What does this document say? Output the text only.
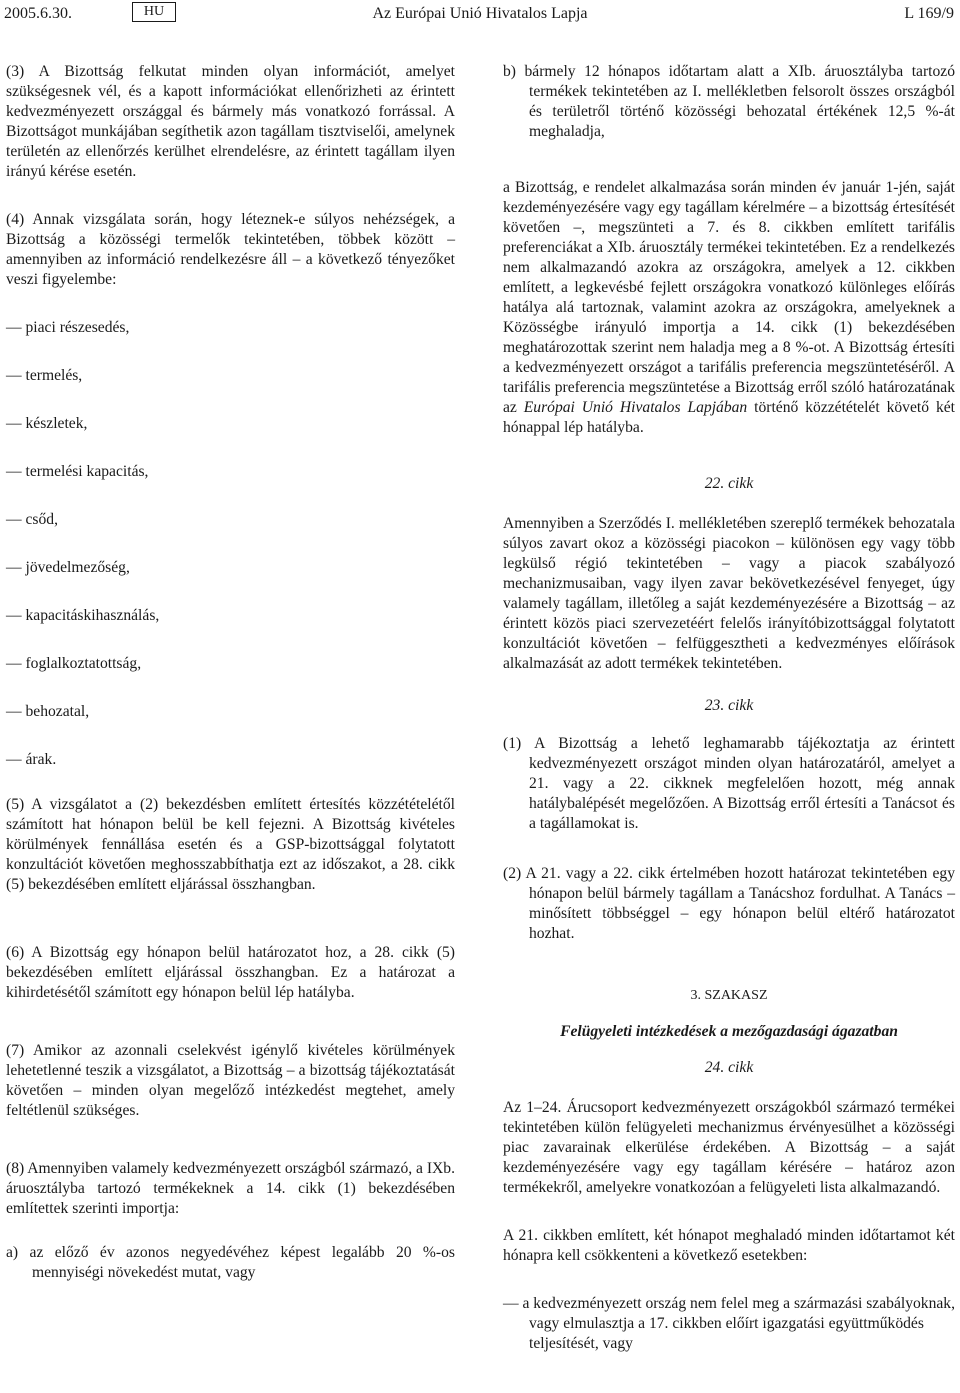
2005.6.30.	HU	Az Európai Unió Hivatalos Lapja	L 169/9

(3) A Bizottság felkutat minden olyan információt, amelyet szükségesnek vél, és a kapott információkat ellenőrizheti az érintett kedvezményezett országgal és bármely más vonatkozó forrással. A Bizottságot munkájában segíthetik azon tagállam tisztviselői, amelynek területén az ellenőrzés kerülhet elrendelésre, az érintett tagállam ilyen irányú kérése esetén.

(4) Annak vizsgálata során, hogy léteznek-e súlyos nehézségek, a Bizottság a közösségi termelők tekintetében, többek között – amennyiben az információ rendelkezésre áll – a következő tényezőket veszi figyelembe:

— piaci részesedés,

— termelés,

— készletek,

— termelési kapacitás,

— csőd,

— jövedelmezőség,

— kapacitáskihasználás,

— foglalkoztatottság,

— behozatal,

— árak.

(5) A vizsgálatot a (2) bekezdésben említett értesítés közzétételétől számított hat hónapon belül be kell fejezni. A Bizottság kivételes körülmények fennállása esetén és a GSP-bizottsággal folytatott konzultációt követően meghosszabbíthatja ezt az időszakot, a 28. cikk (5) bekezdésében említett eljárással összhangban.

(6) A Bizottság egy hónapon belül határozatot hoz, a 28. cikk (5) bekezdésében említett eljárással összhangban. Ez a határozat a kihirdetésétől számított egy hónapon belül lép hatályba.

(7) Amikor az azonnali cselekvést igénylő kivételes körülmények lehetetlenné teszik a vizsgálatot, a Bizottság – a bizottság tájékoztatását követően – minden olyan megelőző intézkedést megtehet, amely feltétlenül szükséges.

(8) Amennyiben valamely kedvezményezett országból származó, a IXb. áruosztályba tartozó termékeknek a 14. cikk (1) bekezdésében említettek szerinti importja:

a) az előző év azonos negyedévéhez képest legalább 20 %-os mennyiségi növekedést mutat, vagy

b) bármely 12 hónapos időtartam alatt a XIb. áruosztályba tartozó termékek tekintetében az I. mellékletben felsorolt összes országból és területről történő közösségi behozatal értékének 12,5 %-át meghaladja,

a Bizottság, e rendelet alkalmazása során minden év január 1-jén, saját kezdeményezésére vagy egy tagállam kérelmére – a bizottság értesítését követően –, megszünteti a 7. és 8. cikkben említett tarifális preferenciákat a XIb. áruosztály termékei tekintetében. Ez a rendelkezés nem alkalmazandó azokra az országokra, amelyek a 12. cikkben említett, a legkevésbé fejlett országokra vonatkozó különleges előírás hatálya alá tartoznak, valamint azokra az országokra, amelyeknek a Közösségbe irányuló importja a 14. cikk (1) bekezdésében meghatározottak szerint nem haladja meg a 8 %-ot. A Bizottság értesíti a kedvezményezett országot a tarifális preferencia megszüntetéséről. A tarifális preferencia megszüntetése a Bizottság erről szóló határozatának az Európai Unió Hivatalos Lapjában történő közzétételét követő két hónappal lép hatályba.

22. cikk

Amennyiben a Szerződés I. mellékletében szereplő termékek behozatala súlyos zavart okoz a közösségi piacokon – különösen egy vagy több legkülső régió tekintetében – vagy a piacok szabályozó mechanizmusaiban, vagy ilyen zavar bekövetkezésével fenyeget, úgy valamely tagállam, illetőleg a saját kezdeményezésére a Bizottság – az érintett közös piaci szervezetéért felelős irányítóbizottsággal folytatott konzultációt követően – felfüggesztheti a kedvezményes előírások alkalmazását az adott termékek tekintetében.

23. cikk

(1) A Bizottság a lehető leghamarabb tájékoztatja az érintett kedvezményezett országot minden olyan határozatáról, amelyet a 21. vagy a 22. cikknek megfelelően hozott, még annak hatálybalépését megelőzően. A Bizottság erről értesíti a Tanácsot és a tagállamokat is.

(2) A 21. vagy a 22. cikk értelmében hozott határozat tekintetében egy hónapon belül bármely tagállam a Tanácshoz fordulhat. A Tanács – minősített többséggel – egy hónapon belül eltérő határozatot hozhat.

3. SZAKASZ

Felügyeleti intézkedések a mezőgazdasági ágazatban

24. cikk

Az 1–24. Árucsoport kedvezményezett országokból származó termékei tekintetében külön felügyeleti mechanizmus érvényesülhet a közösségi piac zavarainak elkerülése érdekében. A Bizottság – a saját kezdeményezésére vagy egy tagállam kérésére – határoz azon termékekről, amelyekre vonatkozóan a felügyeleti lista alkalmazandó.

A 21. cikkben említett, két hónapot meghaladó minden időtartamot két hónapra kell csökkenteni a következő esetekben:

— a kedvezményezett ország nem felel meg a származási szabályoknak, vagy elmulasztja a 17. cikkben előírt igazgatási együttműködés teljesítését, vagy
